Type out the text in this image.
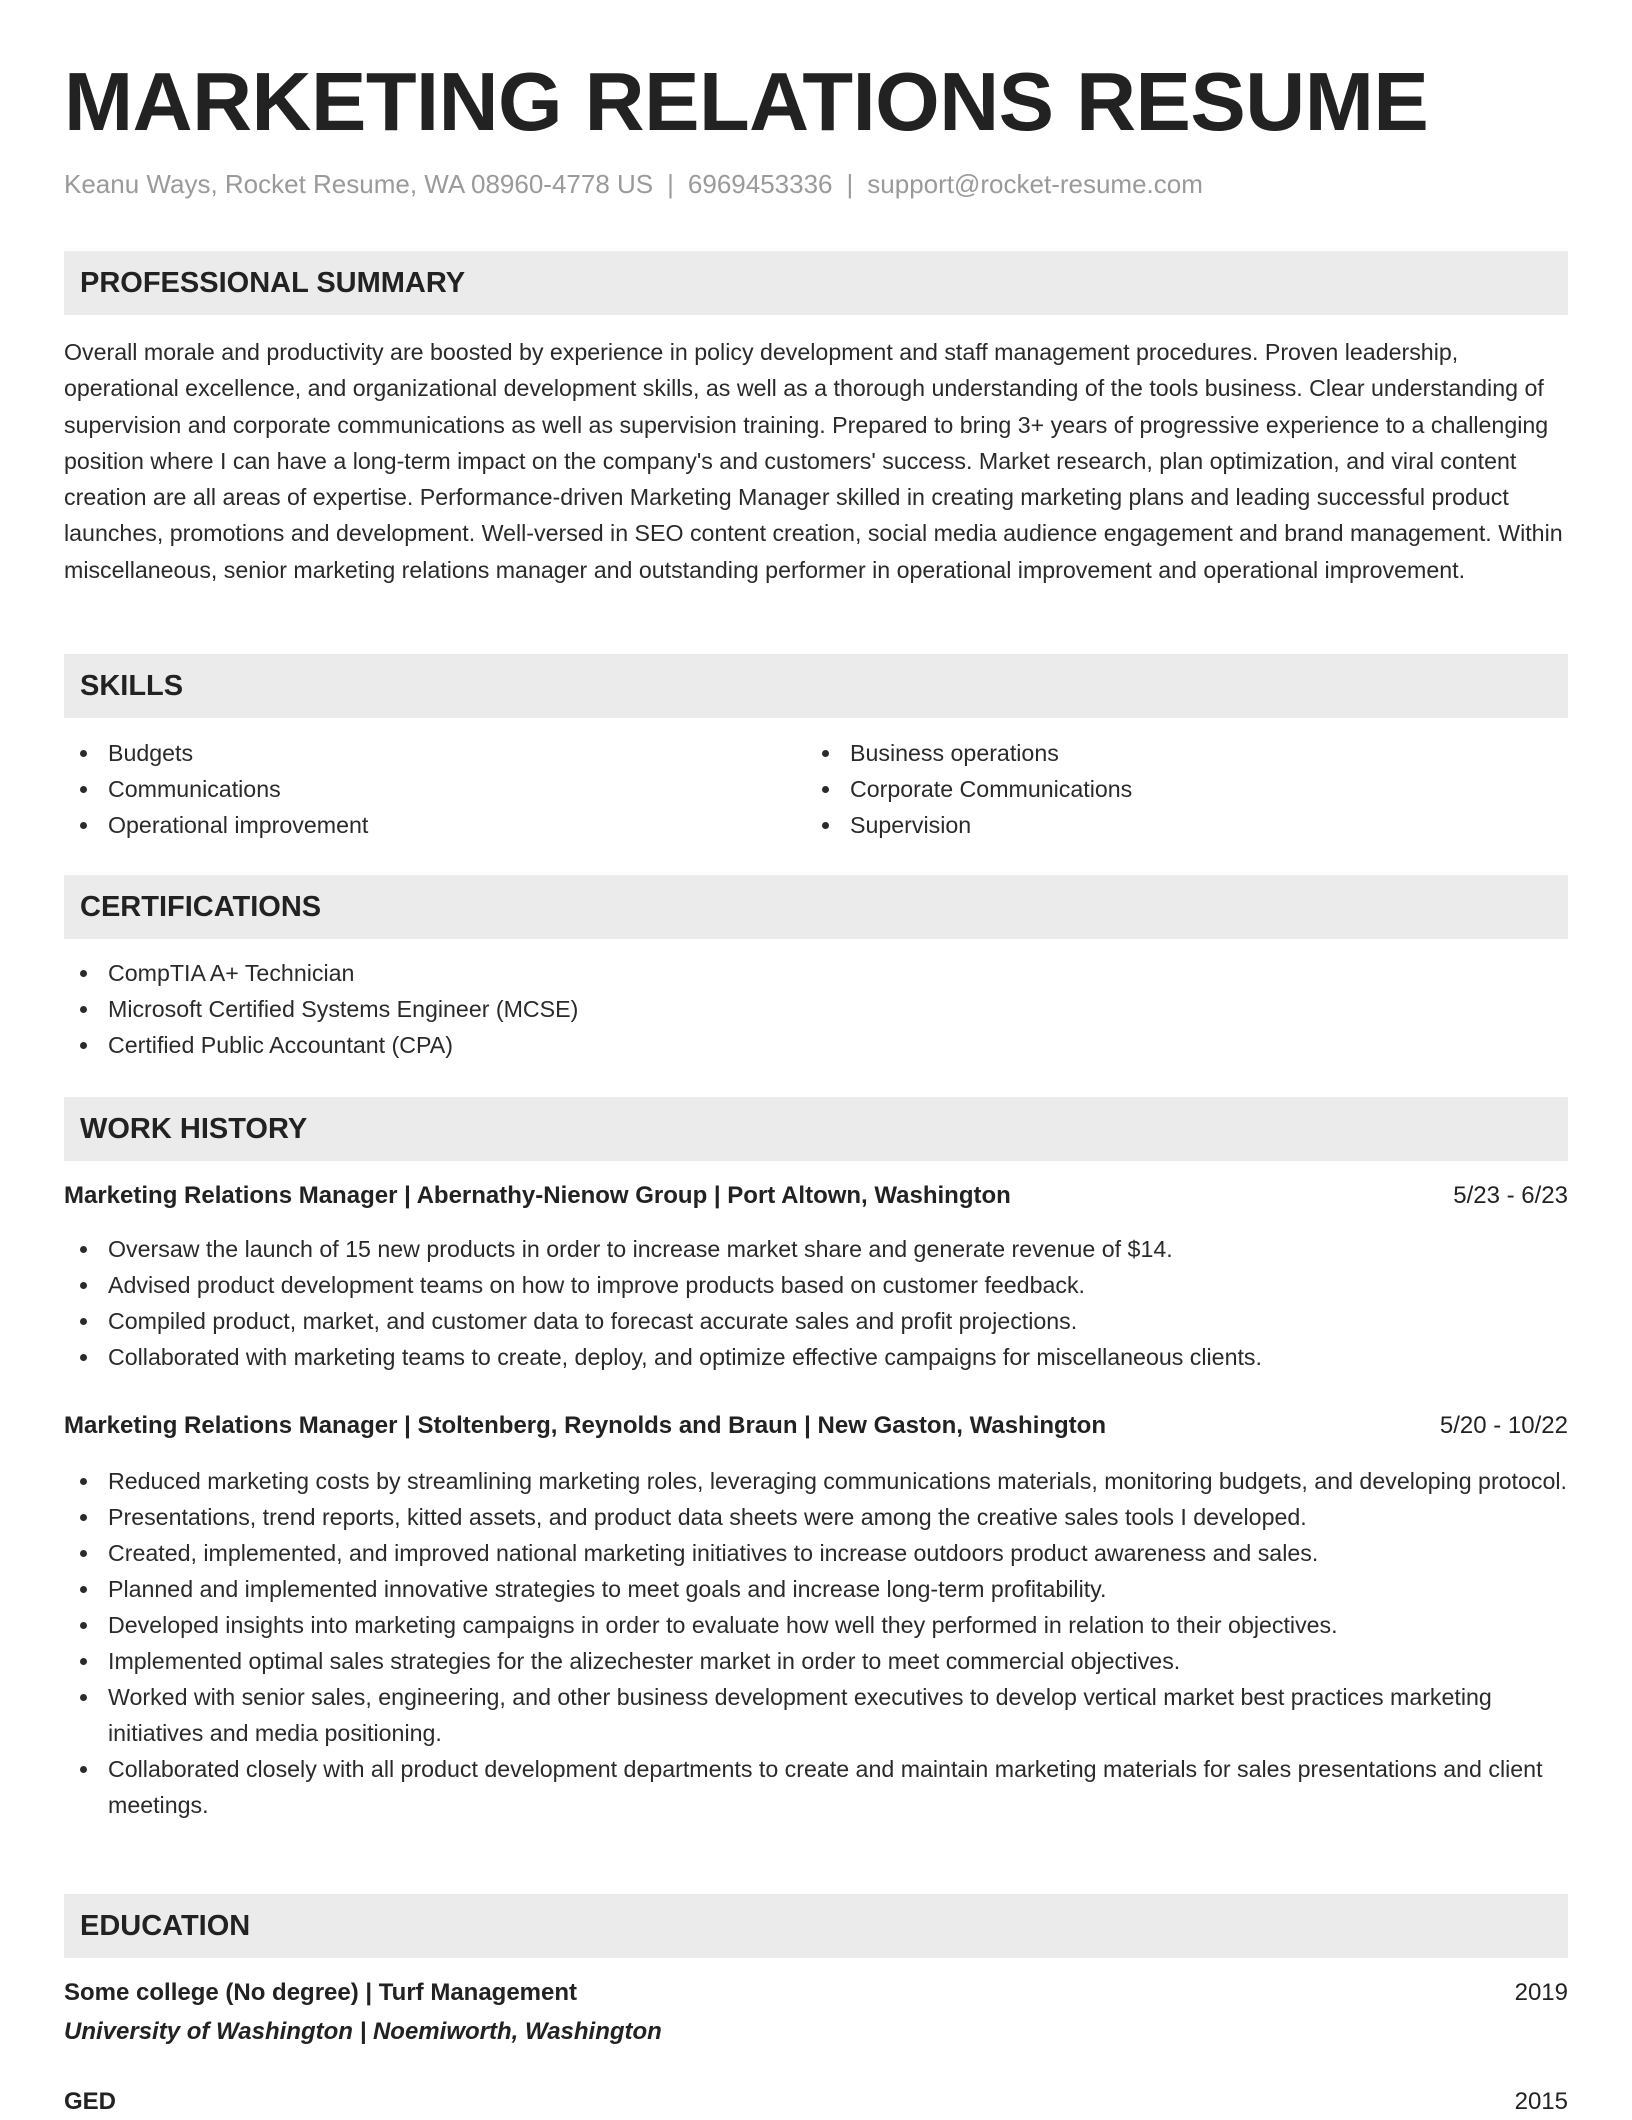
MARKETING RELATIONS RESUME
Keanu Ways, Rocket Resume, WA 08960-4778 US | 6969453336 | support@rocket-resume.com
PROFESSIONAL SUMMARY

Overall morale and productivity are boosted by experience in policy development and staff management procedures. Proven leadership, operational excellence, and organizational development skills, as well as a thorough understanding of the tools business. Clear understanding of supervision and corporate communications as well as supervision training. Prepared to bring 3+ years of progressive experience to a challenging position where I can have a long-term impact on the company's and customers' success. Market research, plan optimization, and viral content creation are all areas of expertise. Performance-driven Marketing Manager skilled in creating marketing plans and leading successful product launches, promotions and development. Well-versed in SEO content creation, social media audience engagement and brand management. Within miscellaneous, senior marketing relations manager and outstanding performer in operational improvement and operational improvement.

SKILLS
Budgets
Communications
Operational improvement
Business operations
Corporate Communications
Supervision
CERTIFICATIONS
CompTIA A+ Technician
Microsoft Certified Systems Engineer (MCSE)
Certified Public Accountant (CPA)
WORK HISTORY
Marketing Relations Manager | Abernathy-Nienow Group | Port Altown, Washington	5/23 - 6/23
Oversaw the launch of 15 new products in order to increase market share and generate revenue of $14.
Advised product development teams on how to improve products based on customer feedback.
Compiled product, market, and customer data to forecast accurate sales and profit projections.
Collaborated with marketing teams to create, deploy, and optimize effective campaigns for miscellaneous clients.
Marketing Relations Manager | Stoltenberg, Reynolds and Braun | New Gaston, Washington	5/20 - 10/22
Reduced marketing costs by streamlining marketing roles, leveraging communications materials, monitoring budgets, and developing protocol.
Presentations, trend reports, kitted assets, and product data sheets were among the creative sales tools I developed.
Created, implemented, and improved national marketing initiatives to increase outdoors product awareness and sales.
Planned and implemented innovative strategies to meet goals and increase long-term profitability.
Developed insights into marketing campaigns in order to evaluate how well they performed in relation to their objectives.
Implemented optimal sales strategies for the alizechester market in order to meet commercial objectives.
Worked with senior sales, engineering, and other business development executives to develop vertical market best practices marketing initiatives and media positioning.
Collaborated closely with all product development departments to create and maintain marketing materials for sales presentations and client meetings.
EDUCATION
Some college (No degree) | Turf Management	2019
University of Washington | Noemiworth, Washington
GED	2015
